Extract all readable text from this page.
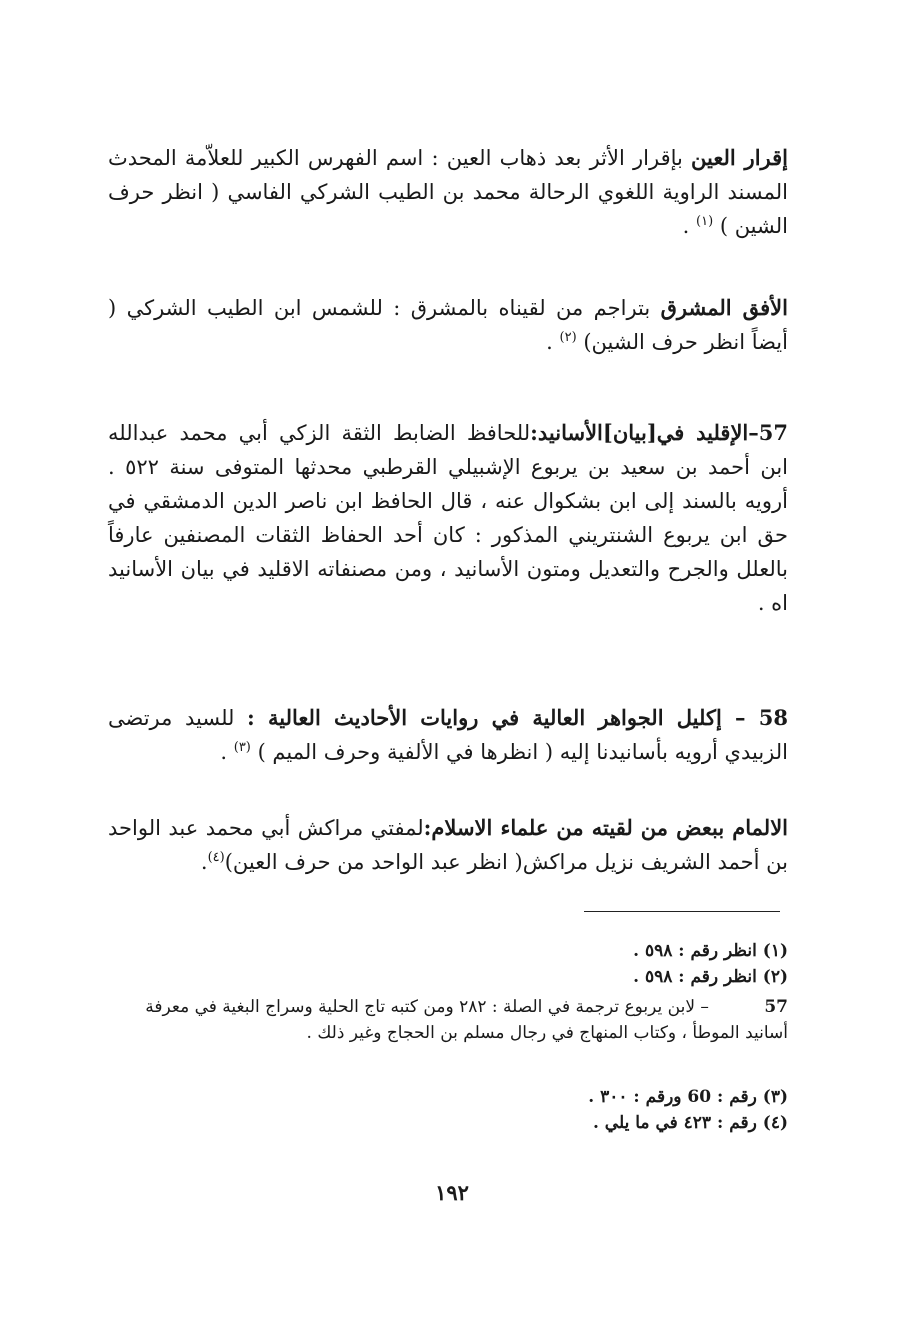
إقرار العين بإقرار الأثر بعد ذهاب العين : اسم الفهرس الكبير للعلاّمة المحدث المسند الراوية اللغوي الرحالة محمد بن الطيب الشركي الفاسي ( انظر حرف الشين ) $^{(١)}$ .

الأفق المشرق بتراجم من لقيناه بالمشرق : للشمس ابن الطيب الشركي ( أيضاً انظر حرف الشين) $^{(٢)}$ .

57–الإقليد في[بيان]الأسانيد:للحافظ الضابط الثقة الزكي أبي محمد عبدالله ابن أحمد بن سعيد بن يربوع الإشبيلي القرطبي محدثها المتوفى سنة ٥٢٢ . أرويه بالسند إلى ابن بشكوال عنه ، قال الحافظ ابن ناصر الدين الدمشقي في حق ابن يربوع الشنتريني المذكور : كان أحد الحفاظ الثقات المصنفين عارفاً بالعلل والجرح والتعديل ومتون الأسانيد ، ومن مصنفاته الاقليد في بيان الأسانيد اه .

58 – إكليل الجواهر العالية في روايات الأحاديث العالية : للسيد مرتضى الزبيدي أرويه بأسانيدنا إليه ( انظرها في الألفية وحرف الميم ) $^{(٣)}$ .

الالمام ببعض من لقيته من علماء الاسلام:لمفتي مراكش أبي محمد عبد الواحد بن أحمد الشريف نزيل مراكش( انظر عبد الواحد من حرف العين)$^{(٤)}$.

(١) انظر رقم : ٥٩٨ .
(٢) انظر رقم : ٥٩٨ .
57 – لابن يربوع ترجمة في الصلة : ٢٨٢ ومن كتبه تاج الحلية وسراج البغية في معرفة أسانيد الموطأ ، وكتاب المنهاج في رجال مسلم بن الحجاج وغير ذلك .
(٣) رقم : 60 ورقم : ٣٠٠ .
(٤) رقم : ٤٢٣ في ما يلي .
١٩٢
